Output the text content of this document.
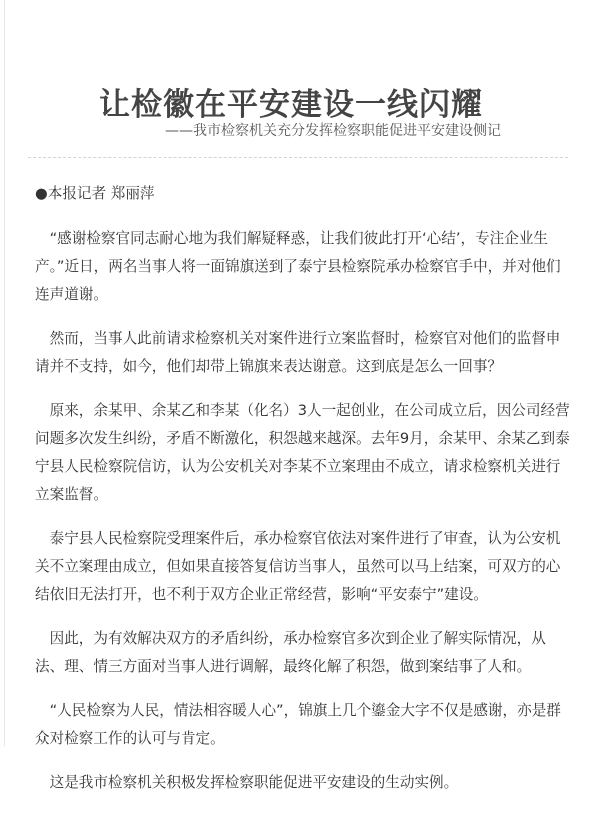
让检徽在平安建设一线闪耀
——我市检察机关充分发挥检察职能促进平安建设侧记

●本报记者 郑丽萍

“感谢检察官同志耐心地为我们解疑释惑，让我们彼此打开‘心结’，专注企业生产。”近日，两名当事人将一面锦旗送到了泰宁县检察院承办检察官手中，并对他们连声道谢。

然而，当事人此前请求检察机关对案件进行立案监督时，检察官对他们的监督申请并不支持，如今，他们却带上锦旗来表达谢意。这到底是怎么一回事？

原来，余某甲、余某乙和李某（化名）3人一起创业，在公司成立后，因公司经营问题多次发生纠纷，矛盾不断激化，积怨越来越深。去年9月，余某甲、余某乙到泰宁县人民检察院信访，认为公安机关对李某不立案理由不成立，请求检察机关进行立案监督。

泰宁县人民检察院受理案件后，承办检察官依法对案件进行了审查，认为公安机关不立案理由成立，但如果直接答复信访当事人，虽然可以马上结案，可双方的心结依旧无法打开，也不利于双方企业正常经营，影响“平安泰宁”建设。

因此，为有效解决双方的矛盾纠纷，承办检察官多次到企业了解实际情况，从法、理、情三方面对当事人进行调解，最终化解了积怨，做到案结事了人和。

“人民检察为人民，情法相容暖人心”，锦旗上几个鎏金大字不仅是感谢，亦是群众对检察工作的认可与肯定。

这是我市检察机关积极发挥检察职能促进平安建设的生动实例。
